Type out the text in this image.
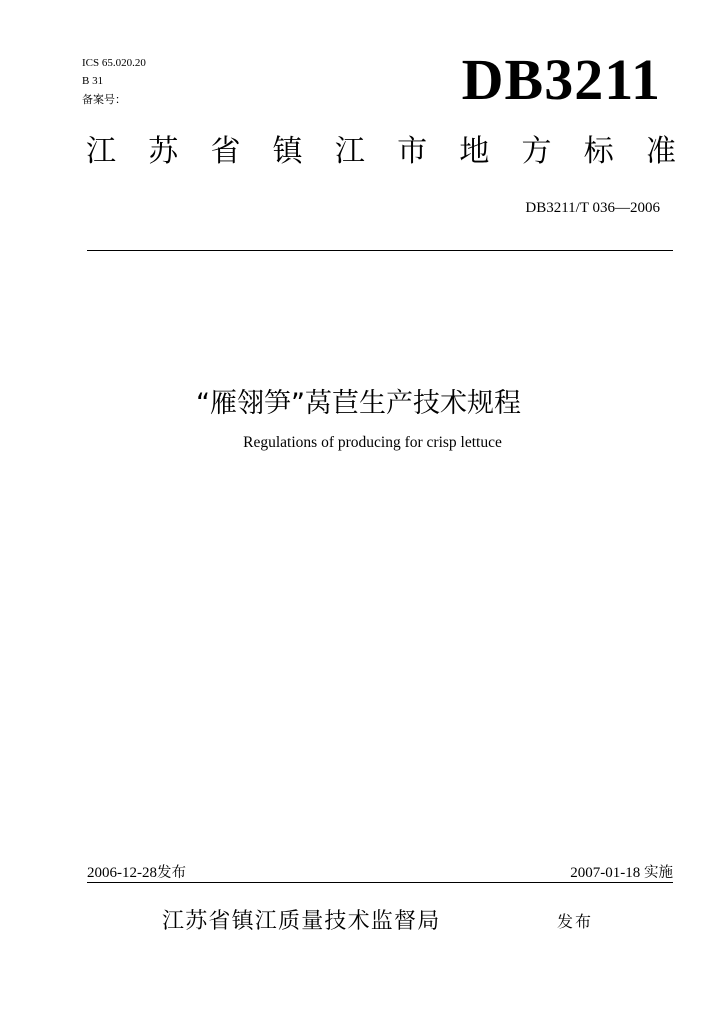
ICS 65.020.20
B 31
备案号：	DB3211
江 苏 省 镇 江 市 地 方 标 准
DB3211/T 036—2006
“雁翎笋”莴苣生产技术规程
Regulations of producing for crisp lettuce
2006-12-28发布	2007-01-18 实施
江苏省镇江质量技术监督局	发布
